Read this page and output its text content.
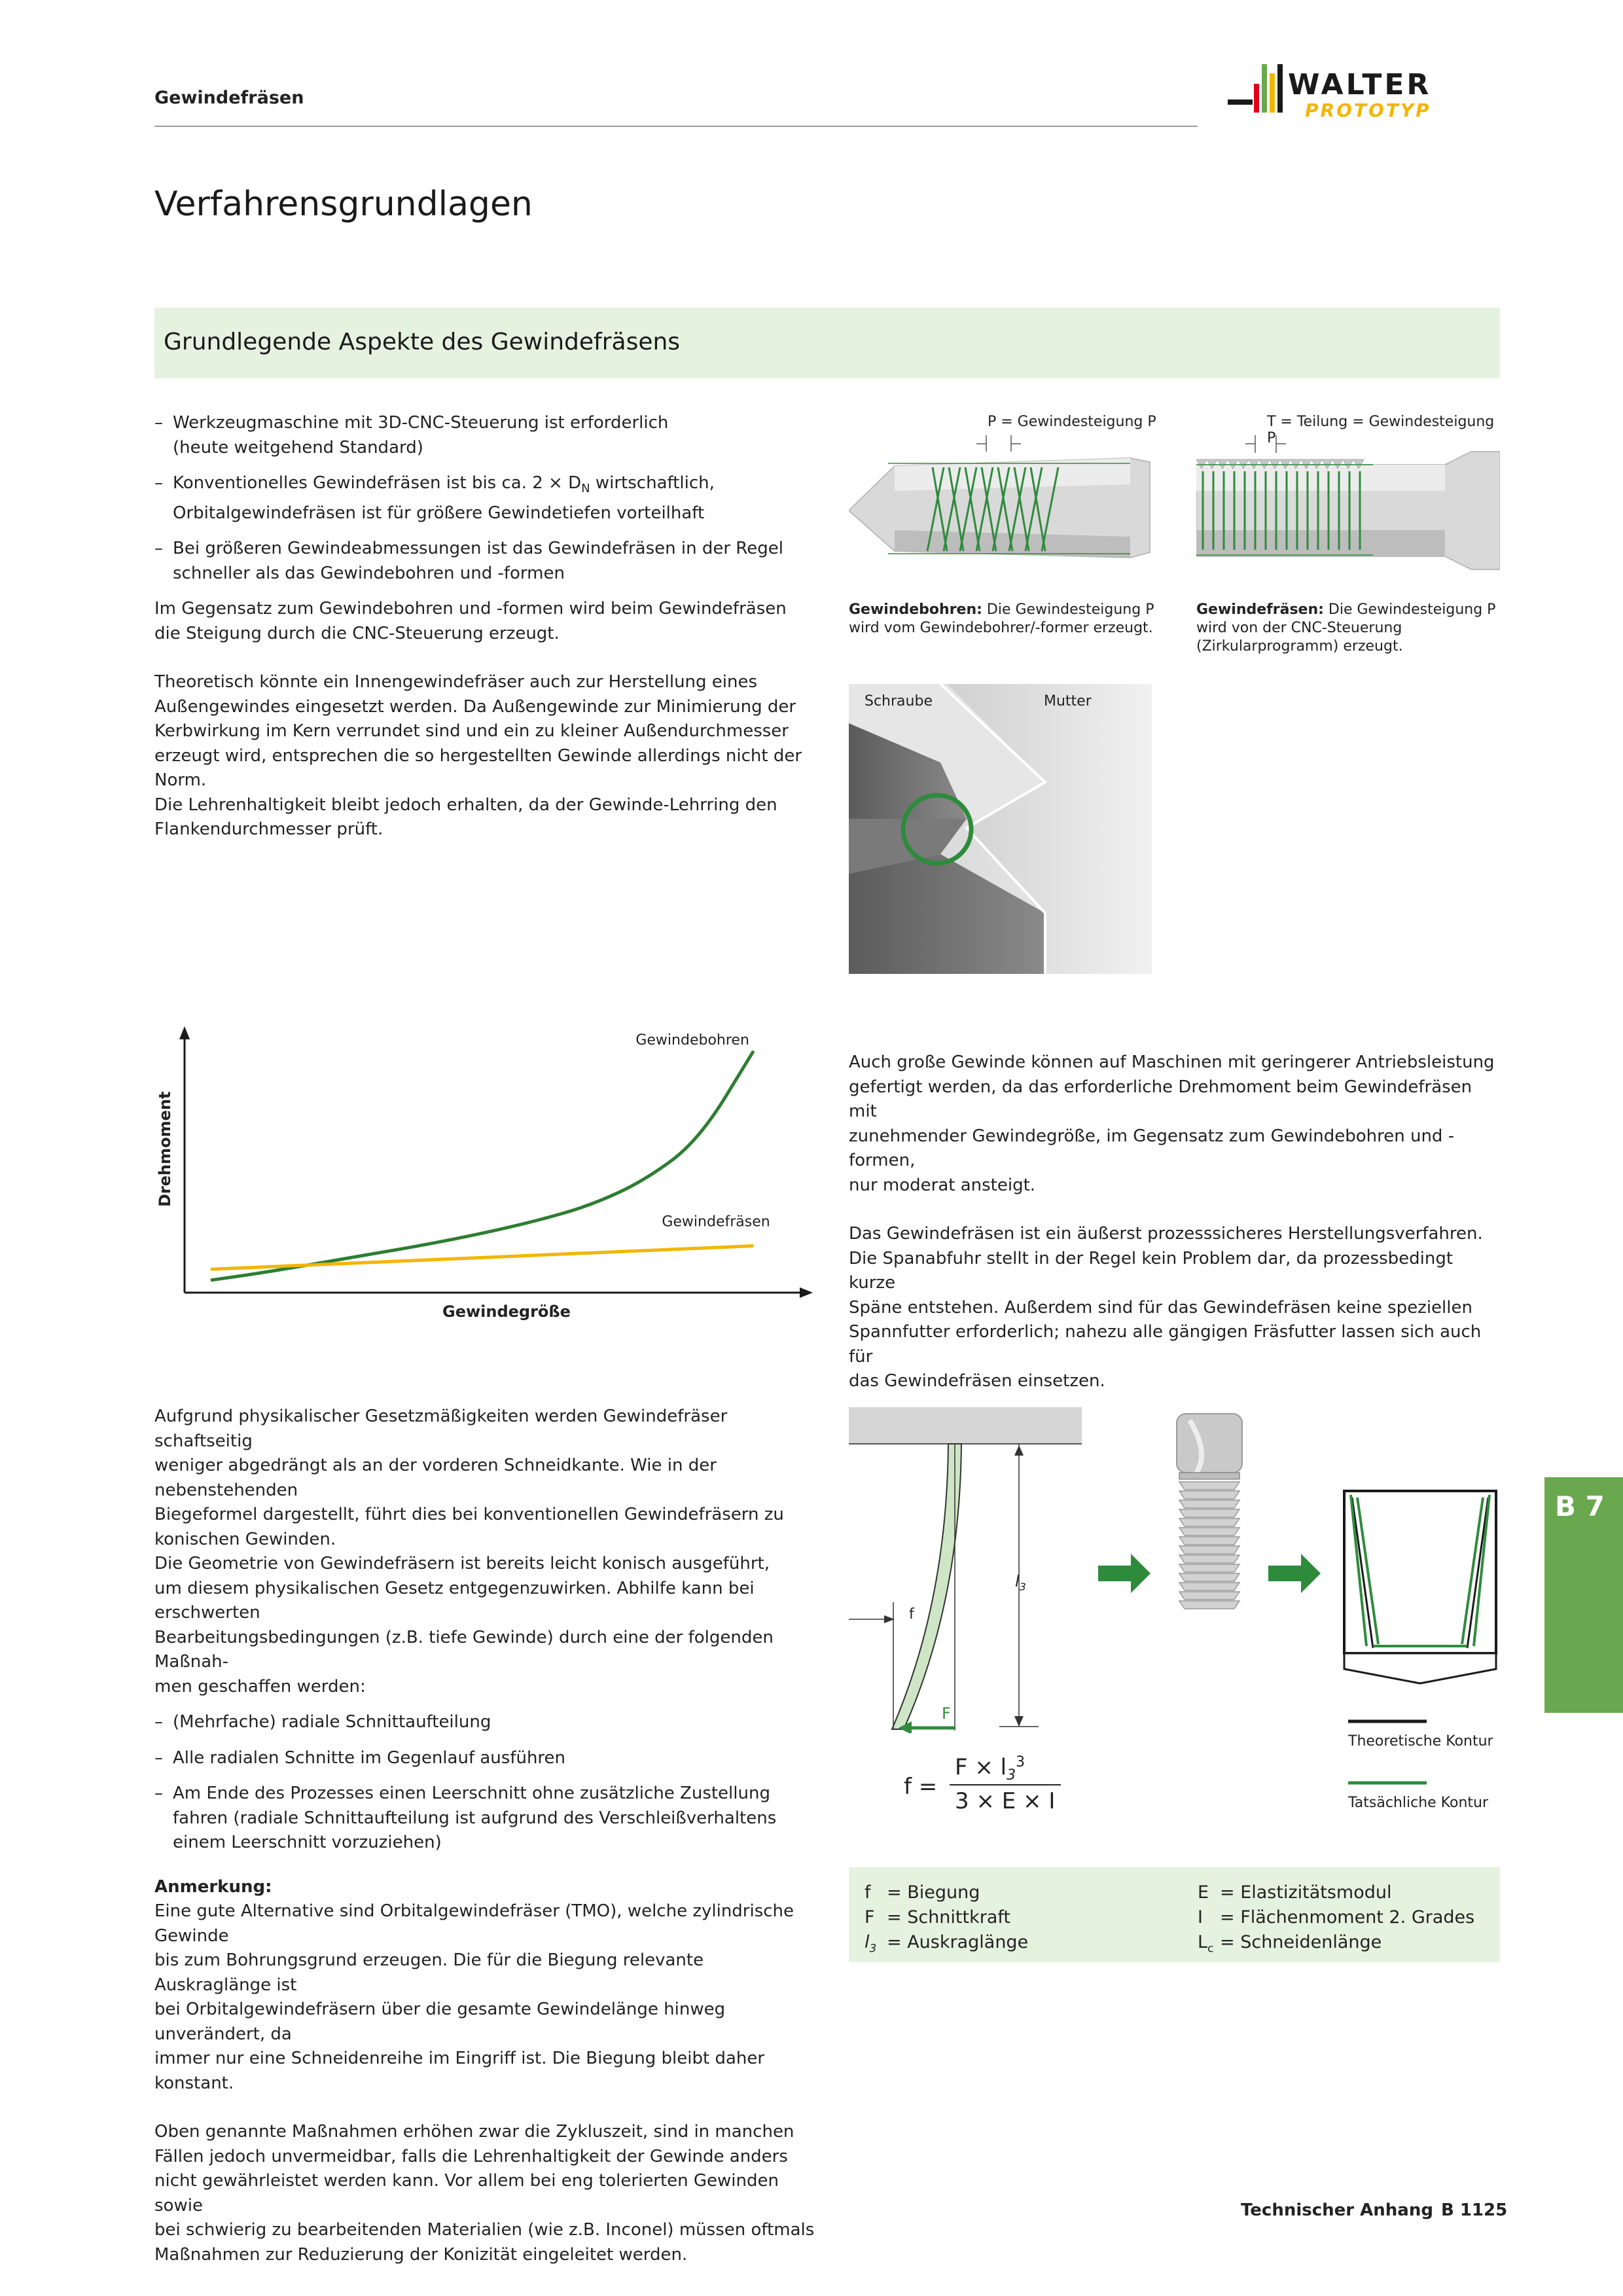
Gewindefräsen	WALTER
PROTOTYP
Verfahrensgrundlagen
Grundlegende Aspekte des Gewindefräsens
– Werkzeugmaschine mit 3D-CNC-Steuerung ist erforderlich
(heute weitgehend Standard)
– Konventionelles Gewindefräsen ist bis ca. $2 \times D_N$ wirtschaftlich,
Orbitalgewindefräsen ist für größere Gewindetiefen vorteilhaft
– Bei größeren Gewindeabmessungen ist das Gewindefräsen in der Regel
schneller als das Gewindebohren und -formen

Im Gegensatz zum Gewindebohren und -formen wird beim Gewindefräsen
die Steigung durch die CNC-Steuerung erzeugt.

Theoretisch könnte ein Innengewindefräser auch zur Herstellung eines
Außengewindes eingesetzt werden. Da Außengewinde zur Minimierung der
Kerbwirkung im Kern verrundet sind und ein zu kleiner Außendurchmesser
erzeugt wird, entsprechen die so hergestellten Gewinde allerdings nicht der Norm.
Die Lehrenhaltigkeit bleibt jedoch erhalten, da der Gewinde-Lehrring den
Flankendurchmesser prüft.

P = Gewindesteigung P
Gewindebohren: Die Gewindesteigung P
wird vom Gewindebohrer/-former erzeugt.
T = Teilung = Gewindesteigung P
Gewindefräsen: Die Gewindesteigung P
wird von der CNC-Steuerung
(Zirkularprogramm) erzeugt.
Schraube	Mutter
Gewindebohren
Gewindefräsen
Gewindegröße
Drehmoment

Auch große Gewinde können auf Maschinen mit geringerer Antriebsleistung
gefertigt werden, da das erforderliche Drehmoment beim Gewindefräsen mit
zunehmender Gewindegröße, im Gegensatz zum Gewindebohren und -formen,
nur moderat ansteigt.

Das Gewindefräsen ist ein äußerst prozesssicheres Herstellungsverfahren.
Die Spanabfuhr stellt in der Regel kein Problem dar, da prozessbedingt kurze
Späne entstehen. Außerdem sind für das Gewindefräsen keine speziellen
Spannfutter erforderlich; nahezu alle gängigen Fräsfutter lassen sich auch für
das Gewindefräsen einsetzen.

Aufgrund physikalischer Gesetzmäßigkeiten werden Gewindefräser schaftseitig
weniger abgedrängt als an der vorderen Schneidkante. Wie in der nebenstehenden
Biegeformel dargestellt, führt dies bei konventionellen Gewindefräsern zu
konischen Gewinden.
Die Geometrie von Gewindefräsern ist bereits leicht konisch ausgeführt,
um diesem physikalischen Gesetz entgegenzuwirken. Abhilfe kann bei erschwerten
Bearbeitungsbedingungen (z.B. tiefe Gewinde) durch eine der folgenden Maßnah-
men geschaffen werden:

– (Mehrfache) radiale Schnittaufteilung
– Alle radialen Schnitte im Gegenlauf ausführen
– Am Ende des Prozesses einen Leerschnitt ohne zusätzliche Zustellung
fahren (radiale Schnittaufteilung ist aufgrund des Verschleißverhaltens
einem Leerschnitt vorzuziehen)

Anmerkung:

Eine gute Alternative sind Orbitalgewindefräser (TMO), welche zylindrische Gewinde
bis zum Bohrungsgrund erzeugen. Die für die Biegung relevante Auskraglänge ist
bei Orbitalgewindefräsern über die gesamte Gewindelänge hinweg unverändert, da
immer nur eine Schneidenreihe im Eingriff ist. Die Biegung bleibt daher konstant.

Oben genannte Maßnahmen erhöhen zwar die Zykluszeit, sind in manchen
Fällen jedoch unvermeidbar, falls die Lehrenhaltigkeit der Gewinde anders
nicht gewährleistet werden kann. Vor allem bei eng tolerierten Gewinden sowie
bei schwierig zu bearbeitenden Materialien (wie z.B. Inconel) müssen oftmals
Maßnahmen zur Reduzierung der Konizität eingeleitet werden.

f
F
$l_3$
f =
$F \times l_3^3$
3 × E × I
Theoretische Kontur
Tatsächliche Kontur
f = Biegung
F = Schnittkraft
$l_3$ = Auskraglänge
E = Elastizitätsmodul
I = Flächenmoment 2. Grades
$L_c$ = Schneidenlänge
B 7
Technischer Anhang B 1125
